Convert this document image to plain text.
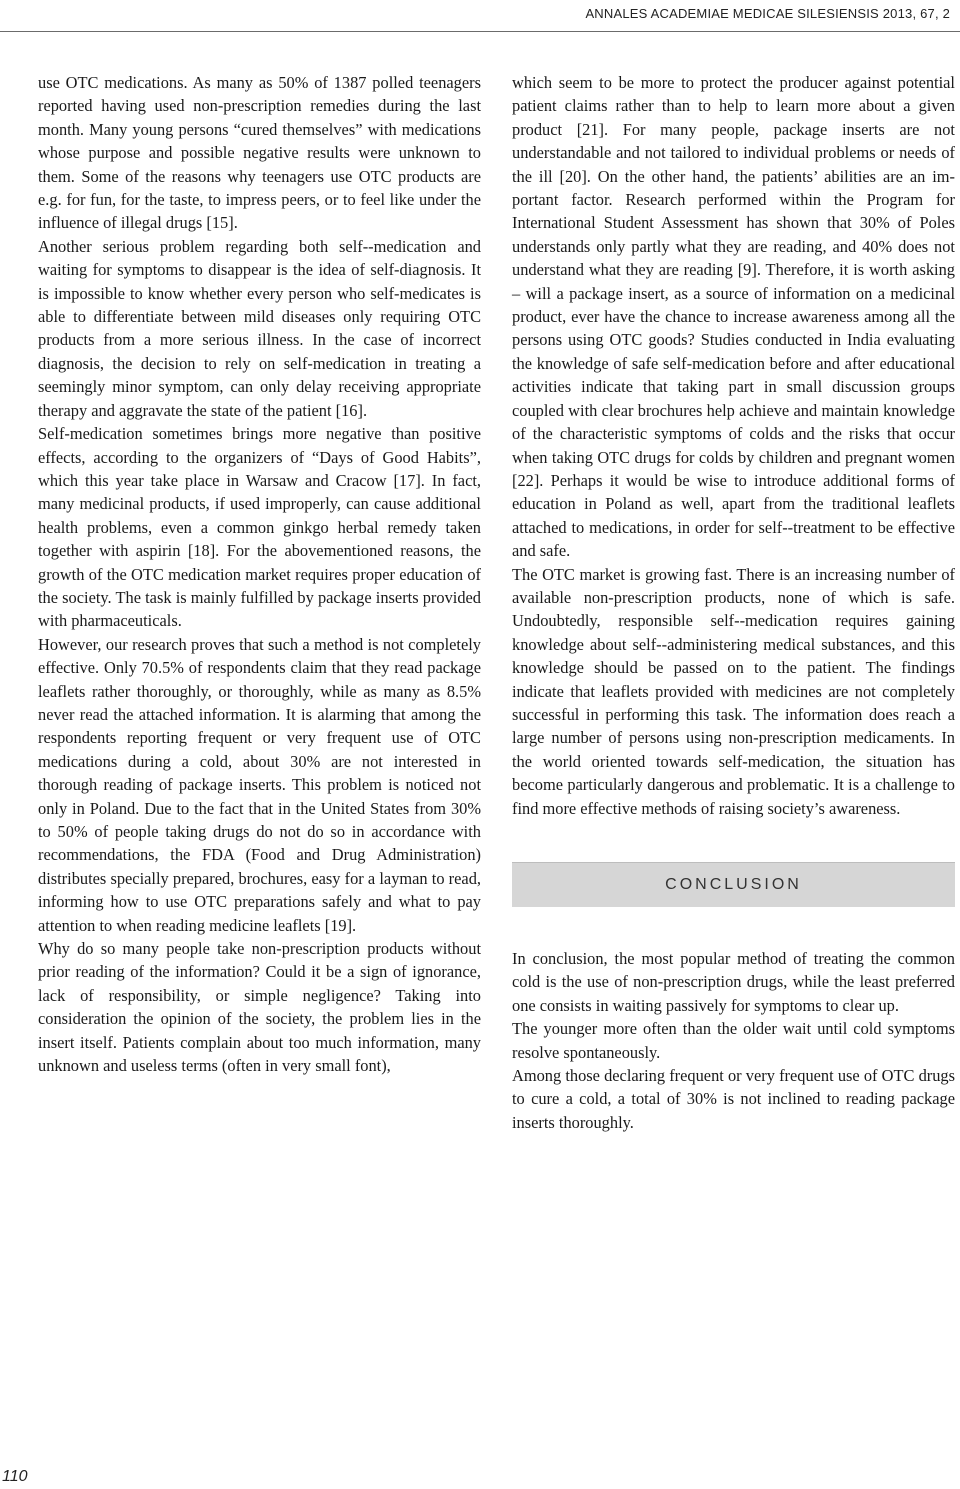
ANNALES ACADEMIAE MEDICAE SILESIENSIS 2013, 67, 2

use OTC medications. As many as 50% of 1387 polled teenagers reported having used non-prescription remedies during the last month. Many young persons “cured themselves” with medications whose purpose and possible negative results were unknown to them. Some of the reasons why teenagers use OTC products are e.g. for fun, for the taste, to impress peers, or to feel like under the influence of illegal drugs [15].

Another serious problem regarding both self--medication and waiting for symptoms to disappear is the idea of self-diagnosis. It is impossible to know whether every person who self-medicates is able to differentiate between mild diseases only requiring OTC products from a more serious illness. In the case of incorrect diagnosis, the decision to rely on self-medication in treating a seemingly minor symptom, can only delay receiving appropriate therapy and aggravate the state of the patient [16].

Self-medication sometimes brings more negative than positive effects, according to the organizers of “Days of Good Habits”, which this year take place in Warsaw and Cracow [17]. In fact, many medicinal products, if used improperly, can cause additional health problems, even a common ginkgo herbal remedy taken together with aspirin [18]. For the abovementioned reasons, the growth of the OTC medication market requires proper education of the society. The task is mainly fulfilled by package inserts provided with pharmaceuticals.

However, our research proves that such a method is not completely effective. Only 70.5% of respondents claim that they read package leaflets rather thoroughly, or thoroughly, while as many as 8.5% never read the attached information. It is alarming that among the respondents reporting frequent or very frequent use of OTC medications during a cold, about 30% are not interested in thorough reading of package inserts. This problem is noticed not only in Poland. Due to the fact that in the United States from 30% to 50% of people taking drugs do not do so in accordance with recommendations, the FDA (Food and Drug Administration) distributes specially prepared, brochures, easy for a layman to read, informing how to use OTC preparations safely and what to pay attention to when reading medicine leaflets [19].

Why do so many people take non-prescription products without prior reading of the information? Could it be a sign of ignorance, lack of responsibility, or simple negligence? Taking into consideration the opinion of the society, the problem lies in the insert itself. Patients complain about too much information, many unknown and useless terms (often in very small font),

which seem to be more to protect the producer against potential patient claims rather than to help to learn more about a given product [21]. For many people, package inserts are not understandable and not tailored to individual problems or needs of the ill [20]. On the other hand, the patients’ abilities are an important factor. Research performed within the Program for International Student Assessment has shown that 30% of Poles understands only partly what they are reading, and 40% does not understand what they are reading [9]. Therefore, it is worth asking – will a package insert, as a source of information on a medicinal product, ever have the chance to increase awareness among all the persons using OTC goods? Studies conducted in India evaluating the knowledge of safe self-medication before and after educational activities indicate that taking part in small discussion groups coupled with clear brochures help achieve and maintain knowledge of the characteristic symptoms of colds and the risks that occur when taking OTC drugs for colds by children and pregnant women [22]. Perhaps it would be wise to introduce additional forms of education in Poland as well, apart from the traditional leaflets attached to medications, in order for self--treatment to be effective and safe.

The OTC market is growing fast. There is an increasing number of available non-prescription products, none of which is safe. Undoubtedly, responsible self--medication requires gaining knowledge about self--administering medical substances, and this knowledge should be passed on to the patient. The findings indicate that leaflets provided with medicines are not completely successful in performing this task. The information does reach a large number of persons using non-prescription medicaments. In the world oriented towards self-medication, the situation has become particularly dangerous and problematic. It is a challenge to find more effective methods of raising society’s awareness.

CONCLUSION

In conclusion, the most popular method of treating the common cold is the use of non-prescription drugs, while the least preferred one consists in waiting passively for symptoms to clear up.

The younger more often than the older wait until cold symptoms resolve spontaneously.

Among those declaring frequent or very frequent use of OTC drugs to cure a cold, a total of 30% is not inclined to reading package inserts thoroughly.

110
